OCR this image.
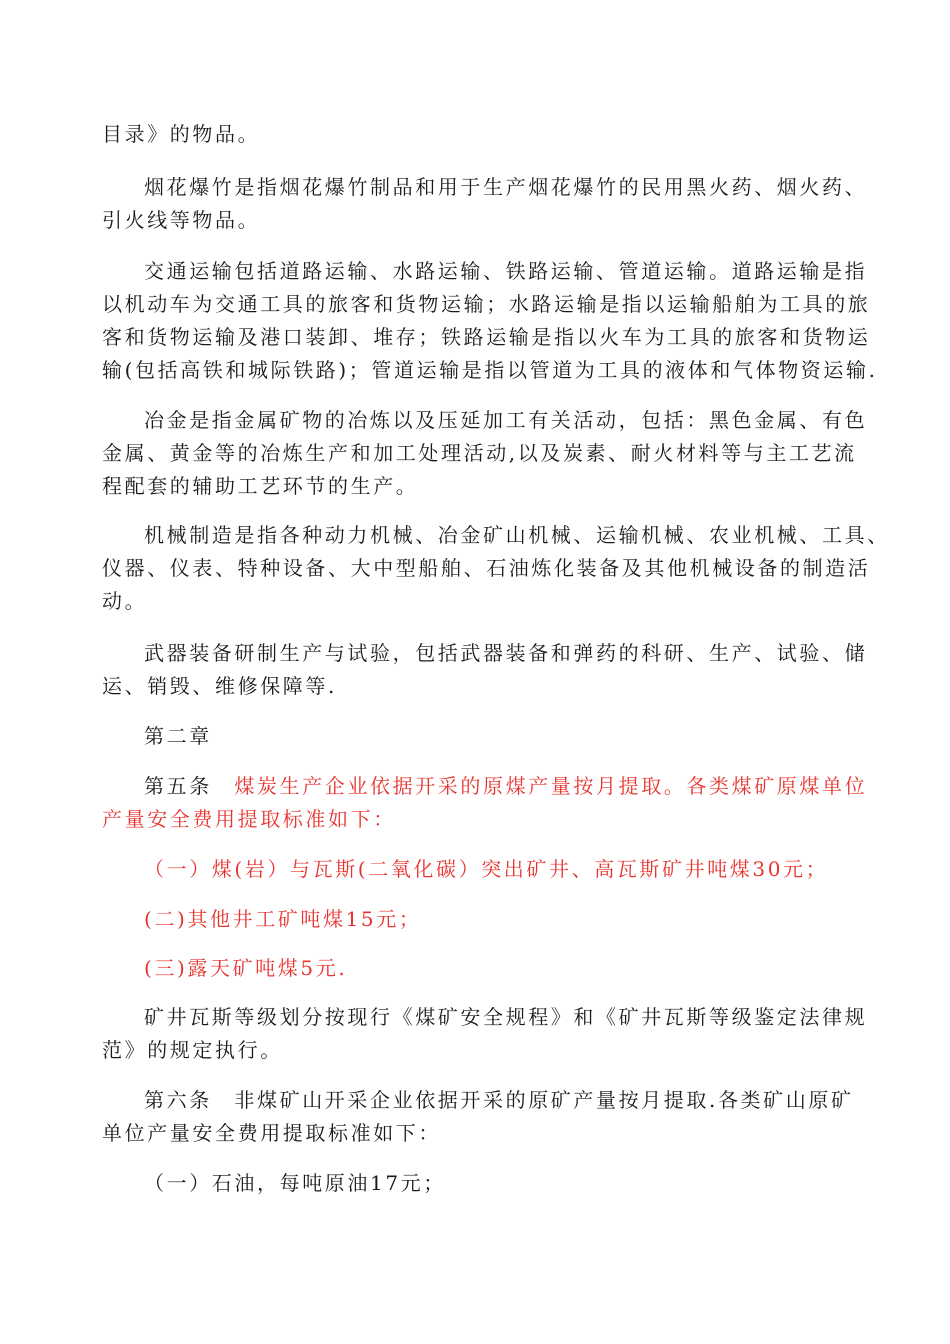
目录》的物品。

烟花爆竹是指烟花爆竹制品和用于生产烟花爆竹的民用黑火药、烟火药、
引火线等物品。

交通运输包括道路运输、水路运输、铁路运输、管道运输。道路运输是指
以机动车为交通工具的旅客和货物运输；水路运输是指以运输船舶为工具的旅
客和货物运输及港口装卸、堆存；铁路运输是指以火车为工具的旅客和货物运
输(包括高铁和城际铁路)；管道运输是指以管道为工具的液体和气体物资运输.

冶金是指金属矿物的冶炼以及压延加工有关活动，包括：黑色金属、有色
金属、黄金等的冶炼生产和加工处理活动,以及炭素、耐火材料等与主工艺流
程配套的辅助工艺环节的生产。

机械制造是指各种动力机械、冶金矿山机械、运输机械、农业机械、工具、
仪器、仪表、特种设备、大中型船舶、石油炼化装备及其他机械设备的制造活
动。

武器装备研制生产与试验，包括武器装备和弹药的科研、生产、试验、储
运、销毁、维修保障等.

第二章

第五条　煤炭生产企业依据开采的原煤产量按月提取。各类煤矿原煤单位
产量安全费用提取标准如下：

（一）煤(岩）与瓦斯(二氧化碳）突出矿井、高瓦斯矿井吨煤30元；

(二)其他井工矿吨煤15元；

(三)露天矿吨煤5元.

矿井瓦斯等级划分按现行《煤矿安全规程》和《矿井瓦斯等级鉴定法律规
范》的规定执行。

第六条　非煤矿山开采企业依据开采的原矿产量按月提取.各类矿山原矿
单位产量安全费用提取标准如下：

（一）石油，每吨原油17元；
